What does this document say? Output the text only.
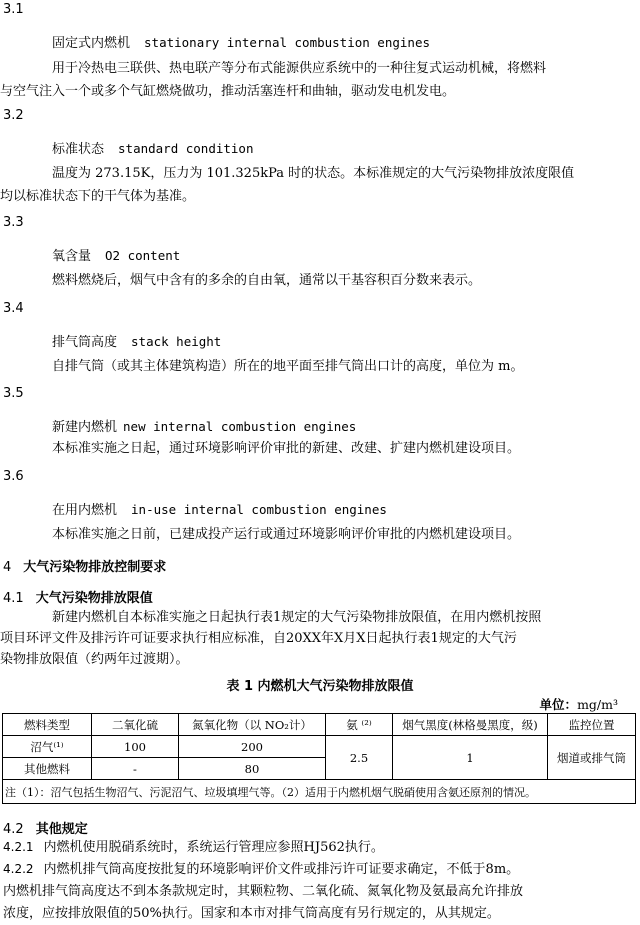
3.1
固定式内燃机 stationary internal combustion engines
用于冷热电三联供、热电联产等分布式能源供应系统中的一种往复式运动机械，将燃料
与空气注入一个或多个气缸燃烧做功，推动活塞连杆和曲轴，驱动发电机发电。
3.2
标准状态 standard condition
温度为 273.15K，压力为 101.325kPa 时的状态。本标准规定的大气污染物排放浓度限值
均以标准状态下的干气体为基准。
3.3
氧含量 O2 content
燃料燃烧后，烟气中含有的多余的自由氧，通常以干基容积百分数来表示。
3.4
排气筒高度 stack height
自排气筒（或其主体建筑构造）所在的地平面至排气筒出口计的高度，单位为 m。
3.5
新建内燃机 new internal combustion engines
本标准实施之日起，通过环境影响评价审批的新建、改建、扩建内燃机建设项目。
3.6
在用内燃机 in-use internal combustion engines
本标准实施之日前，已建成投产运行或通过环境影响评价审批的内燃机建设项目。
4 大气污染物排放控制要求
4.1 大气污染物排放限值
新建内燃机自本标准实施之日起执行表1规定的大气污染物排放限值，在用内燃机按照
项目环评文件及排污许可证要求执行相应标准，自20XX年X月X日起执行表1规定的大气污
染物排放限值（约两年过渡期）。
表 1 内燃机大气污染物排放限值
单位：mg/m³
燃料类型	二氧化硫	氮氧化物（以 NO₂计）	氨 ⁽²⁾	烟气黑度(林格曼黑度，级)	监控位置
沼气⁽¹⁾	100	200	2.5	1	烟道或排气筒
其他燃料	-	80			
注（1）：沼气包括生物沼气、污泥沼气、垃圾填埋气等。（2）适用于内燃机烟气脱硝使用含氨还原剂的情况。					
4.2 其他规定
4.2.1 内燃机使用脱硝系统时，系统运行管理应参照HJ562执行。
4.2.2 内燃机排气筒高度按批复的环境影响评价文件或排污许可证要求确定，不低于8m。
内燃机排气筒高度达不到本条款规定时，其颗粒物、二氧化硫、氮氧化物及氨最高允许排放
浓度，应按排放限值的50%执行。国家和本市对排气筒高度有另行规定的，从其规定。
